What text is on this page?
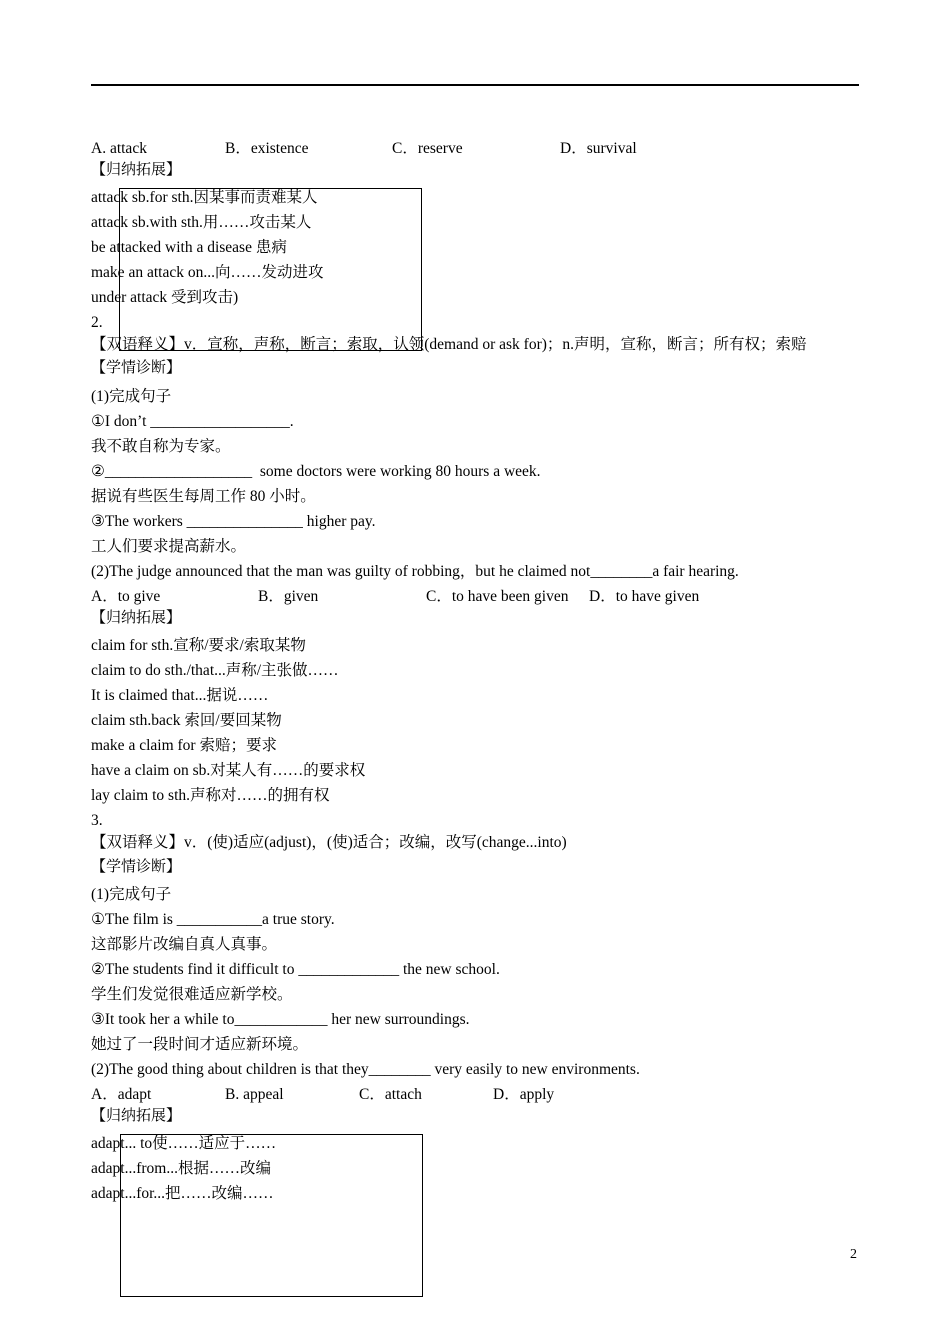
A. attack	B．existence	C．reserve	D．survival
【归纳拓展】
attack sb.for sth.因某事而责难某人
attack sb.with sth.用……攻击某人
be attacked with a disease 患病
make an attack on...向……发动进攻
under attack 受到攻击)
2.
【双语释义】v．宣称，声称，断言；索取，认领(demand or ask for)；n.声明，宣称，断言；所有权；索赔
【学情诊断】
(1)完成句子
①I don’t __________________.
我不敢自称为专家。
②___________________  some doctors were working 80 hours a week.
据说有些医生每周工作 80 小时。
③The workers _______________ higher pay.
工人们要求提高薪水。
(2)The judge announced that the man was guilty of robbing，but he claimed not________a fair hearing.
A．to give	B．given	C．to have been given D．to have given
【归纳拓展】
claim for sth.宣称/要求/索取某物
claim to do sth./that...声称/主张做……
It is claimed that...据说……
claim sth.back 索回/要回某物
make a claim for 索赔；要求
have a claim on sb.对某人有……的要求权
lay claim to sth.声称对……的拥有权
3.
【双语释义】v．(使)适应(adjust)，(使)适合；改编，改写(change...into)
【学情诊断】
(1)完成句子
①The film is ___________a true story.
这部影片改编自真人真事。
②The students find it difficult to _____________ the new school.
学生们发觉很难适应新学校。
③It took her a while to____________ her new surroundings.
她过了一段时间才适应新环境。
(2)The good thing about children is that they________ very easily to new environments.
A．adapt	B. appeal	C．attach	D．apply
【归纳拓展】
adapt... to使……适应于……
adapt...from...根据……改编
adapt...for...把……改编……
2
